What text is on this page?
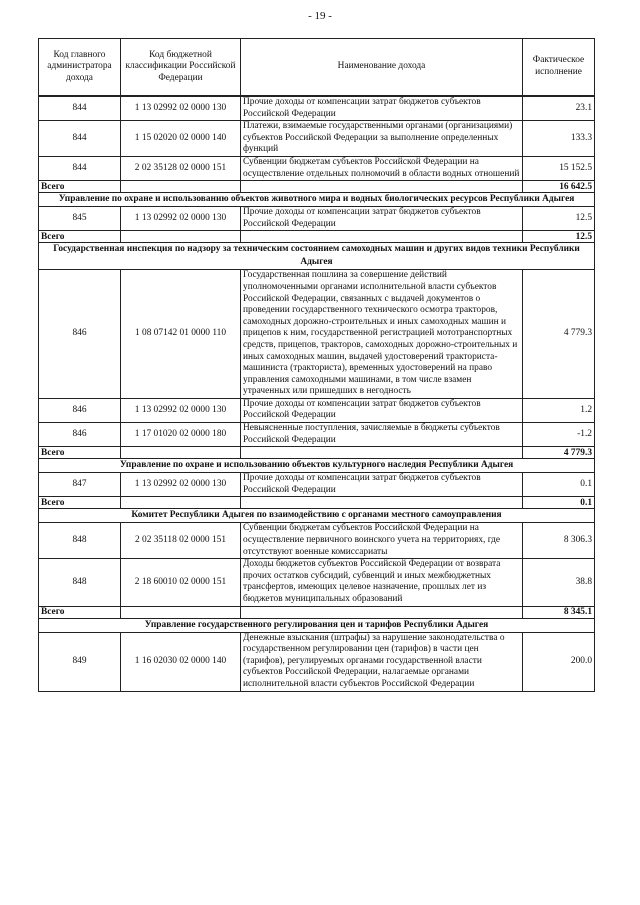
- 19 -
Код главного администратора дохода	Код бюджетной классификации Российской Федерации	Наименование дохода	Фактическое исполнение
844	1 13 02992 02 0000 130	Прочие доходы от компенсации затрат бюджетов субъектов Российской Федерации	23.1
844	1 15 02020 02 0000 140	Платежи, взимаемые государственными органами (организациями) субъектов Российской Федерации за выполнение определенных функций	133.3
844	2 02 35128 02 0000 151	Субвенции бюджетам субъектов Российской Федерации на осуществление отдельных полномочий в области водных отношений	15 152.5
Всего			16 642.5
Управление по охране и использованию объектов животного мира и водных биологических ресурсов Республики Адыгея			
845	1 13 02992 02 0000 130	Прочие доходы от компенсации затрат бюджетов субъектов Российской Федерации	12.5
Всего			12.5
Государственная инспекция по надзору за техническим состоянием самоходных машин и других видов техники Республики Адыгея			
846	1 08 07142 01 0000 110	Государственная пошлина за совершение действий уполномоченными органами исполнительной власти субъектов Российской Федерации, связанных с выдачей документов о проведении государственного технического осмотра тракторов, самоходных дорожно-строительных и иных самоходных машин и прицепов к ним, государственной регистрацией мототранспортных средств, прицепов, тракторов, самоходных дорожно-строительных и иных самоходных машин, выдачей удостоверений тракториста-машиниста (тракториста), временных удостоверений на право управления самоходными машинами, в том числе взамен утраченных или пришедших в негодность	4 779.3
846	1 13 02992 02 0000 130	Прочие доходы от компенсации затрат бюджетов субъектов Российской Федерации	1.2
846	1 17 01020 02 0000 180	Невыясненные поступления, зачисляемые в бюджеты субъектов Российской Федерации	-1.2
Всего			4 779.3
Управление по охране и использованию объектов культурного наследия Республики Адыгея			
847	1 13 02992 02 0000 130	Прочие доходы от компенсации затрат бюджетов субъектов Российской Федерации	0.1
Всего			0.1
Комитет Республики Адыгея по взаимодействию с органами местного самоуправления			
848	2 02 35118 02 0000 151	Субвенции бюджетам субъектов Российской Федерации на осуществление первичного воинского учета на территориях, где отсутствуют военные комиссариаты	8 306.3
848	2 18 60010 02 0000 151	Доходы бюджетов субъектов Российской Федерации от возврата прочих остатков субсидий, субвенций и иных межбюджетных трансфертов, имеющих целевое назначение, прошлых лет из бюджетов муниципальных образований	38.8
Всего			8 345.1
Управление государственного регулирования цен и тарифов Республики Адыгея			
849	1 16 02030 02 0000 140	Денежные взыскания (штрафы) за нарушение законодательства о государственном регулировании цен (тарифов) в части цен (тарифов), регулируемых органами государственной власти субъектов Российской Федерации, налагаемые органами исполнительной власти субъектов Российской Федерации	200.0
